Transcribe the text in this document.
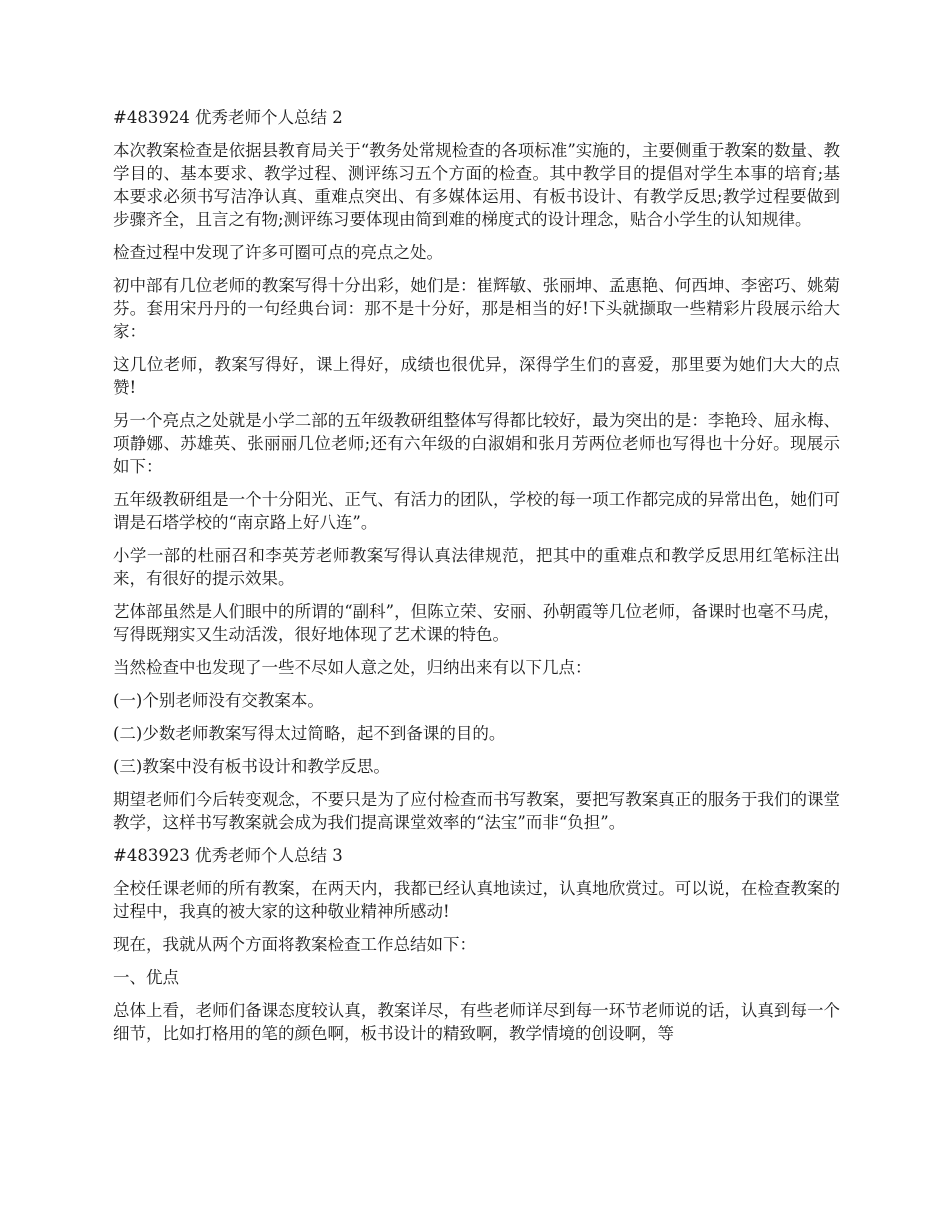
#483924 优秀老师个人总结 2

本次教案检查是依据县教育局关于“教务处常规检查的各项标准”实施的，主要侧重于教案的数量、教学目的、基本要求、教学过程、测评练习五个方面的检查。其中教学目的提倡对学生本事的培育;基本要求必须书写洁净认真、重难点突出、有多媒体运用、有板书设计、有教学反思;教学过程要做到步骤齐全，且言之有物;测评练习要体现由简到难的梯度式的设计理念，贴合小学生的认知规律。

检查过程中发现了许多可圈可点的亮点之处。

初中部有几位老师的教案写得十分出彩，她们是：崔辉敏、张丽坤、孟惠艳、何西坤、李密巧、姚菊芬。套用宋丹丹的一句经典台词：那不是十分好，那是相当的好!下头就撷取一些精彩片段展示给大家：

这几位老师，教案写得好，课上得好，成绩也很优异，深得学生们的喜爱，那里要为她们大大的点赞!

另一个亮点之处就是小学二部的五年级教研组整体写得都比较好，最为突出的是：李艳玲、屈永梅、项静娜、苏雄英、张丽丽几位老师;还有六年级的白淑娟和张月芳两位老师也写得也十分好。现展示如下：

五年级教研组是一个十分阳光、正气、有活力的团队，学校的每一项工作都完成的异常出色，她们可谓是石塔学校的“南京路上好八连”。

小学一部的杜丽召和李英芳老师教案写得认真法律规范，把其中的重难点和教学反思用红笔标注出来，有很好的提示效果。

艺体部虽然是人们眼中的所谓的“副科”，但陈立荣、安丽、孙朝霞等几位老师，备课时也毫不马虎，写得既翔实又生动活泼，很好地体现了艺术课的特色。

当然检查中也发现了一些不尽如人意之处，归纳出来有以下几点：

(一)个别老师没有交教案本。

(二)少数老师教案写得太过简略，起不到备课的目的。

(三)教案中没有板书设计和教学反思。

期望老师们今后转变观念，不要只是为了应付检查而书写教案，要把写教案真正的服务于我们的课堂教学，这样书写教案就会成为我们提高课堂效率的“法宝”而非“负担”。

#483923 优秀老师个人总结 3

全校任课老师的所有教案，在两天内，我都已经认真地读过，认真地欣赏过。可以说，在检查教案的过程中，我真的被大家的这种敬业精神所感动!

现在，我就从两个方面将教案检查工作总结如下：

一、优点

总体上看，老师们备课态度较认真，教案详尽，有些老师详尽到每一环节老师说的话，认真到每一个细节，比如打格用的笔的颜色啊，板书设计的精致啊，教学情境的创设啊，等
